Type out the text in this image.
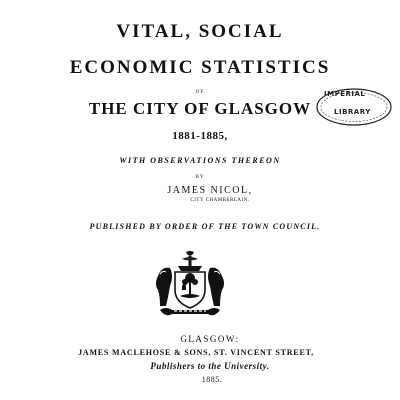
VITAL, SOCIAL
ECONOMIC STATISTICS
OF
THE CITY OF GLASGOW
IMPERIAL
LIBRARY
1881-1885,
WITH OBSERVATIONS THEREON
BY
JAMES NICOL,
CITY CHAMBERLAIN.
PUBLISHED BY ORDER OF THE TOWN COUNCIL.
GLASGOW:
JAMES MACLEHOSE & SONS, ST. VINCENT STREET,
Publishers to the University.
1885.
